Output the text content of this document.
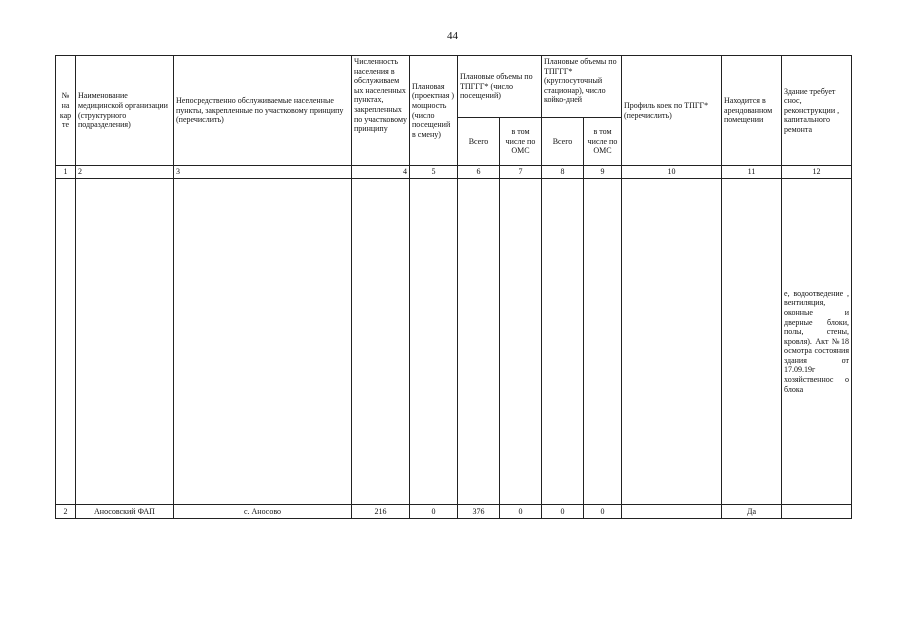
44
№ на кар те	Наименование медицинской организации (структурного подразделения)	Непосредственно обслуживаемые населенные пункты, закрепленные по участковому принципу (перечислить)	Численность населения в обслуживаем ых населенных пунктах, закрепленных по участковому принципу	Плановая (проектная ) мощность (число посещений в смену)	Плановые объемы по ТПГГГ* (число посещений)		Плановые объемы по ТПГГГ* (круглосуточный стационар), число койко-дней		Профиль коек по ТПГГ* (перечислить)	Находится в арендованном помещении	Здание требует снос, реконструкции , капитального ремонта
					Всего	в том числе по ОМС	Всего	в том числе по ОМС			
1	2	3	4	5	6	7	8	9	10	11	12
											е, водоотведение , вентиляция, оконные и дверные блоки, полы, стены, кровля). Акт №18 осмотра состояния здания от 17.09.19г хозяйственнос о блока
2	Аносовский ФАП	с. Аносово	216	0	376	0	0	0		Да	
